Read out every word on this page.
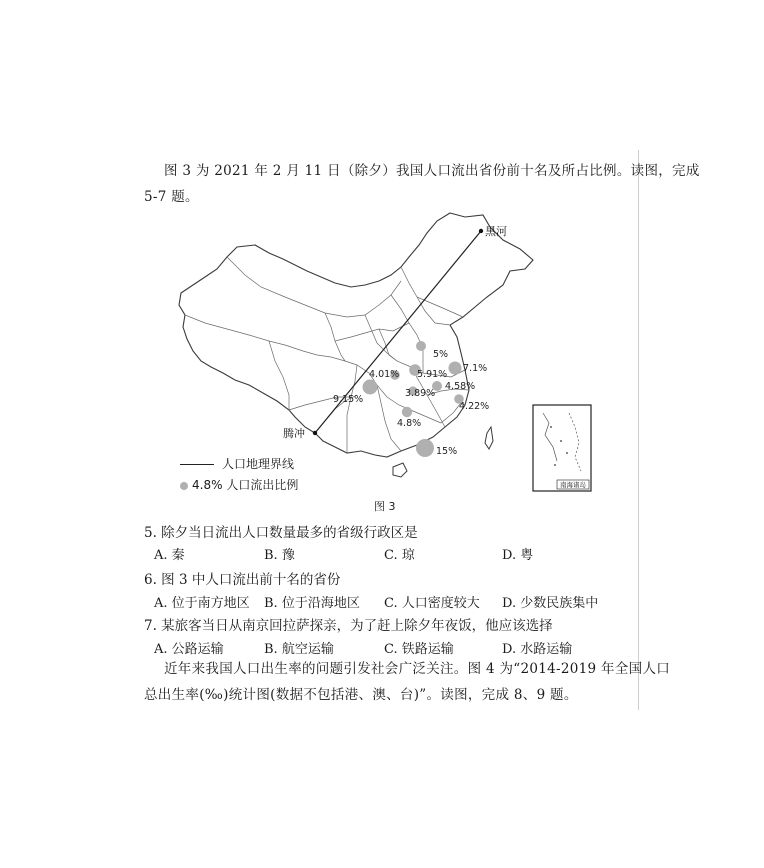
图 3 为 2021 年 2 月 11 日（除夕）我国人口流出省份前十名及所占比例。读图，完成
5-7 题。
黑河
腾冲
5%
7.1%
5.91%
4.01%
4.58%
3.89%
9.15%
4.22%
4.8%
15%
南海诸岛
人口地理界线
4.8% 人口流出比例
图 3
5. 除夕当日流出人口数量最多的省级行政区是
A. 秦	B. 豫	C. 琼	D. 粤
6. 图 3 中人口流出前十名的省份
A. 位于南方地区 B. 位于沿海地区 C. 人口密度较大 D. 少数民族集中
7. 某旅客当日从南京回拉萨探亲，为了赶上除夕年夜饭，他应该选择
A. 公路运输	B. 航空运输	C. 铁路运输	D. 水路运输
近年来我国人口出生率的问题引发社会广泛关注。图 4 为“2014-2019 年全国人口
总出生率(‰)统计图(数据不包括港、澳、台)”。读图，完成 8、9 题。
